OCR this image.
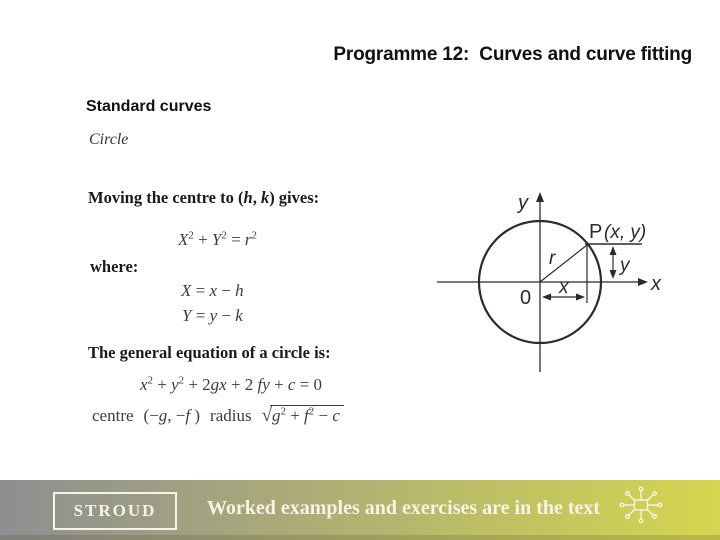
Programme 12:  Curves and curve fitting
Standard curves
Circle
Moving the centre to (h, k) gives:
$X^2 + Y^2 = r^2$
where:
X = x − h
Y = y − k
The general equation of a circle is:
$x^2 + y^2 + 2gx + 2$ fy + c = 0
centre (−g, −f ) radius $√g^2 + f^2 - c$
y
x
0
r
P (x, y)
y
x
STROUD	Worked examples and exercises are in the text
